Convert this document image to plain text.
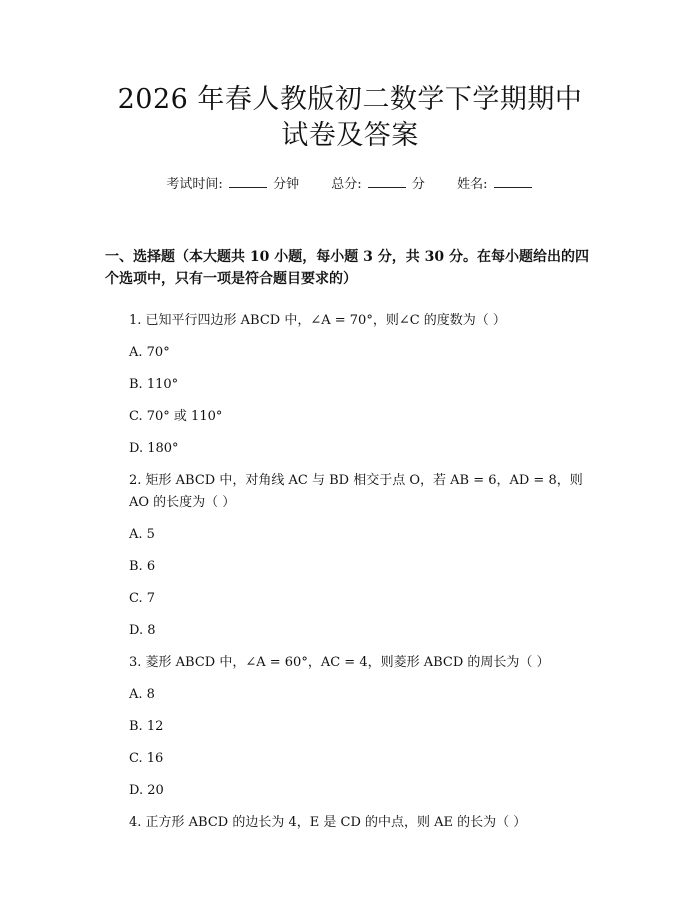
2026 年春人教版初二数学下学期期中试卷及答案
考试时间:	分钟 总分:	分 姓名:
一、选择题（本大题共 10 小题，每小题 3 分，共 30 分。在每小题给出的四个选项中，只有一项是符合题目要求的）
1. 已知平行四边形 ABCD 中，∠A = 70°，则∠C 的度数为（ ）
A. 70°
B. 110°
C. 70° 或 110°
D. 180°
2. 矩形 ABCD 中，对角线 AC 与 BD 相交于点 O，若 AB = 6，AD = 8，则 AO 的长度为（ ）
A. 5
B. 6
C. 7
D. 8
3. 菱形 ABCD 中，∠A = 60°，AC = 4，则菱形 ABCD 的周长为（ ）
A. 8
B. 12
C. 16
D. 20
4. 正方形 ABCD 的边长为 4，E 是 CD 的中点，则 AE 的长为（ ）
